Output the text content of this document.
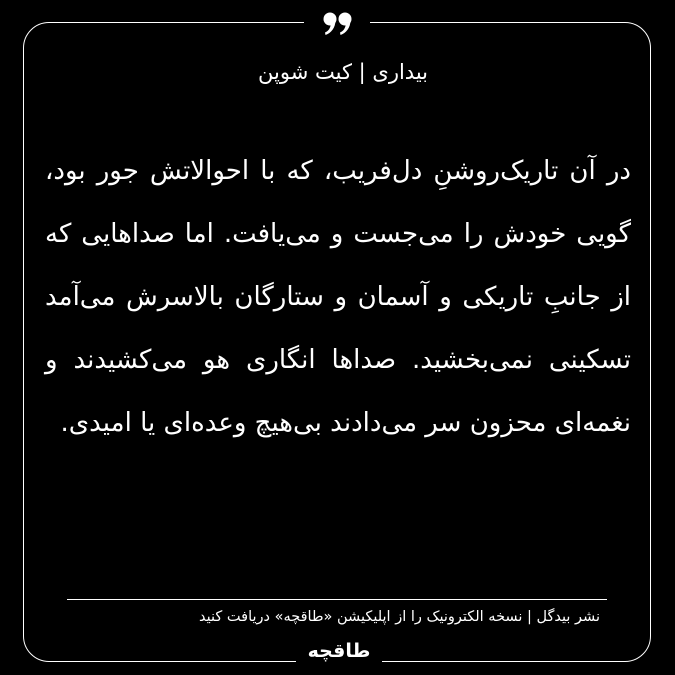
بیداری | کیت شوپن

در آن تاریک‌روشنِ دل‌فریب، که با احوالاتش جور بود، گویی خودش را می‌جست و می‌یافت. اما صداهایی که از جانبِ تاریکی و آسمان و ستارگان بالاسرش می‌آمد تسکینی نمی‌بخشید. صداها انگاری هو می‌کشیدند و نغمه‌ای محزون سر می‌دادند بی‌هیچ وعده‌ای یا امیدی.

نشر بیدگل | نسخه الکترونیک را از اپلیکیشن «طاقچه» دریافت کنید
طاقچه
